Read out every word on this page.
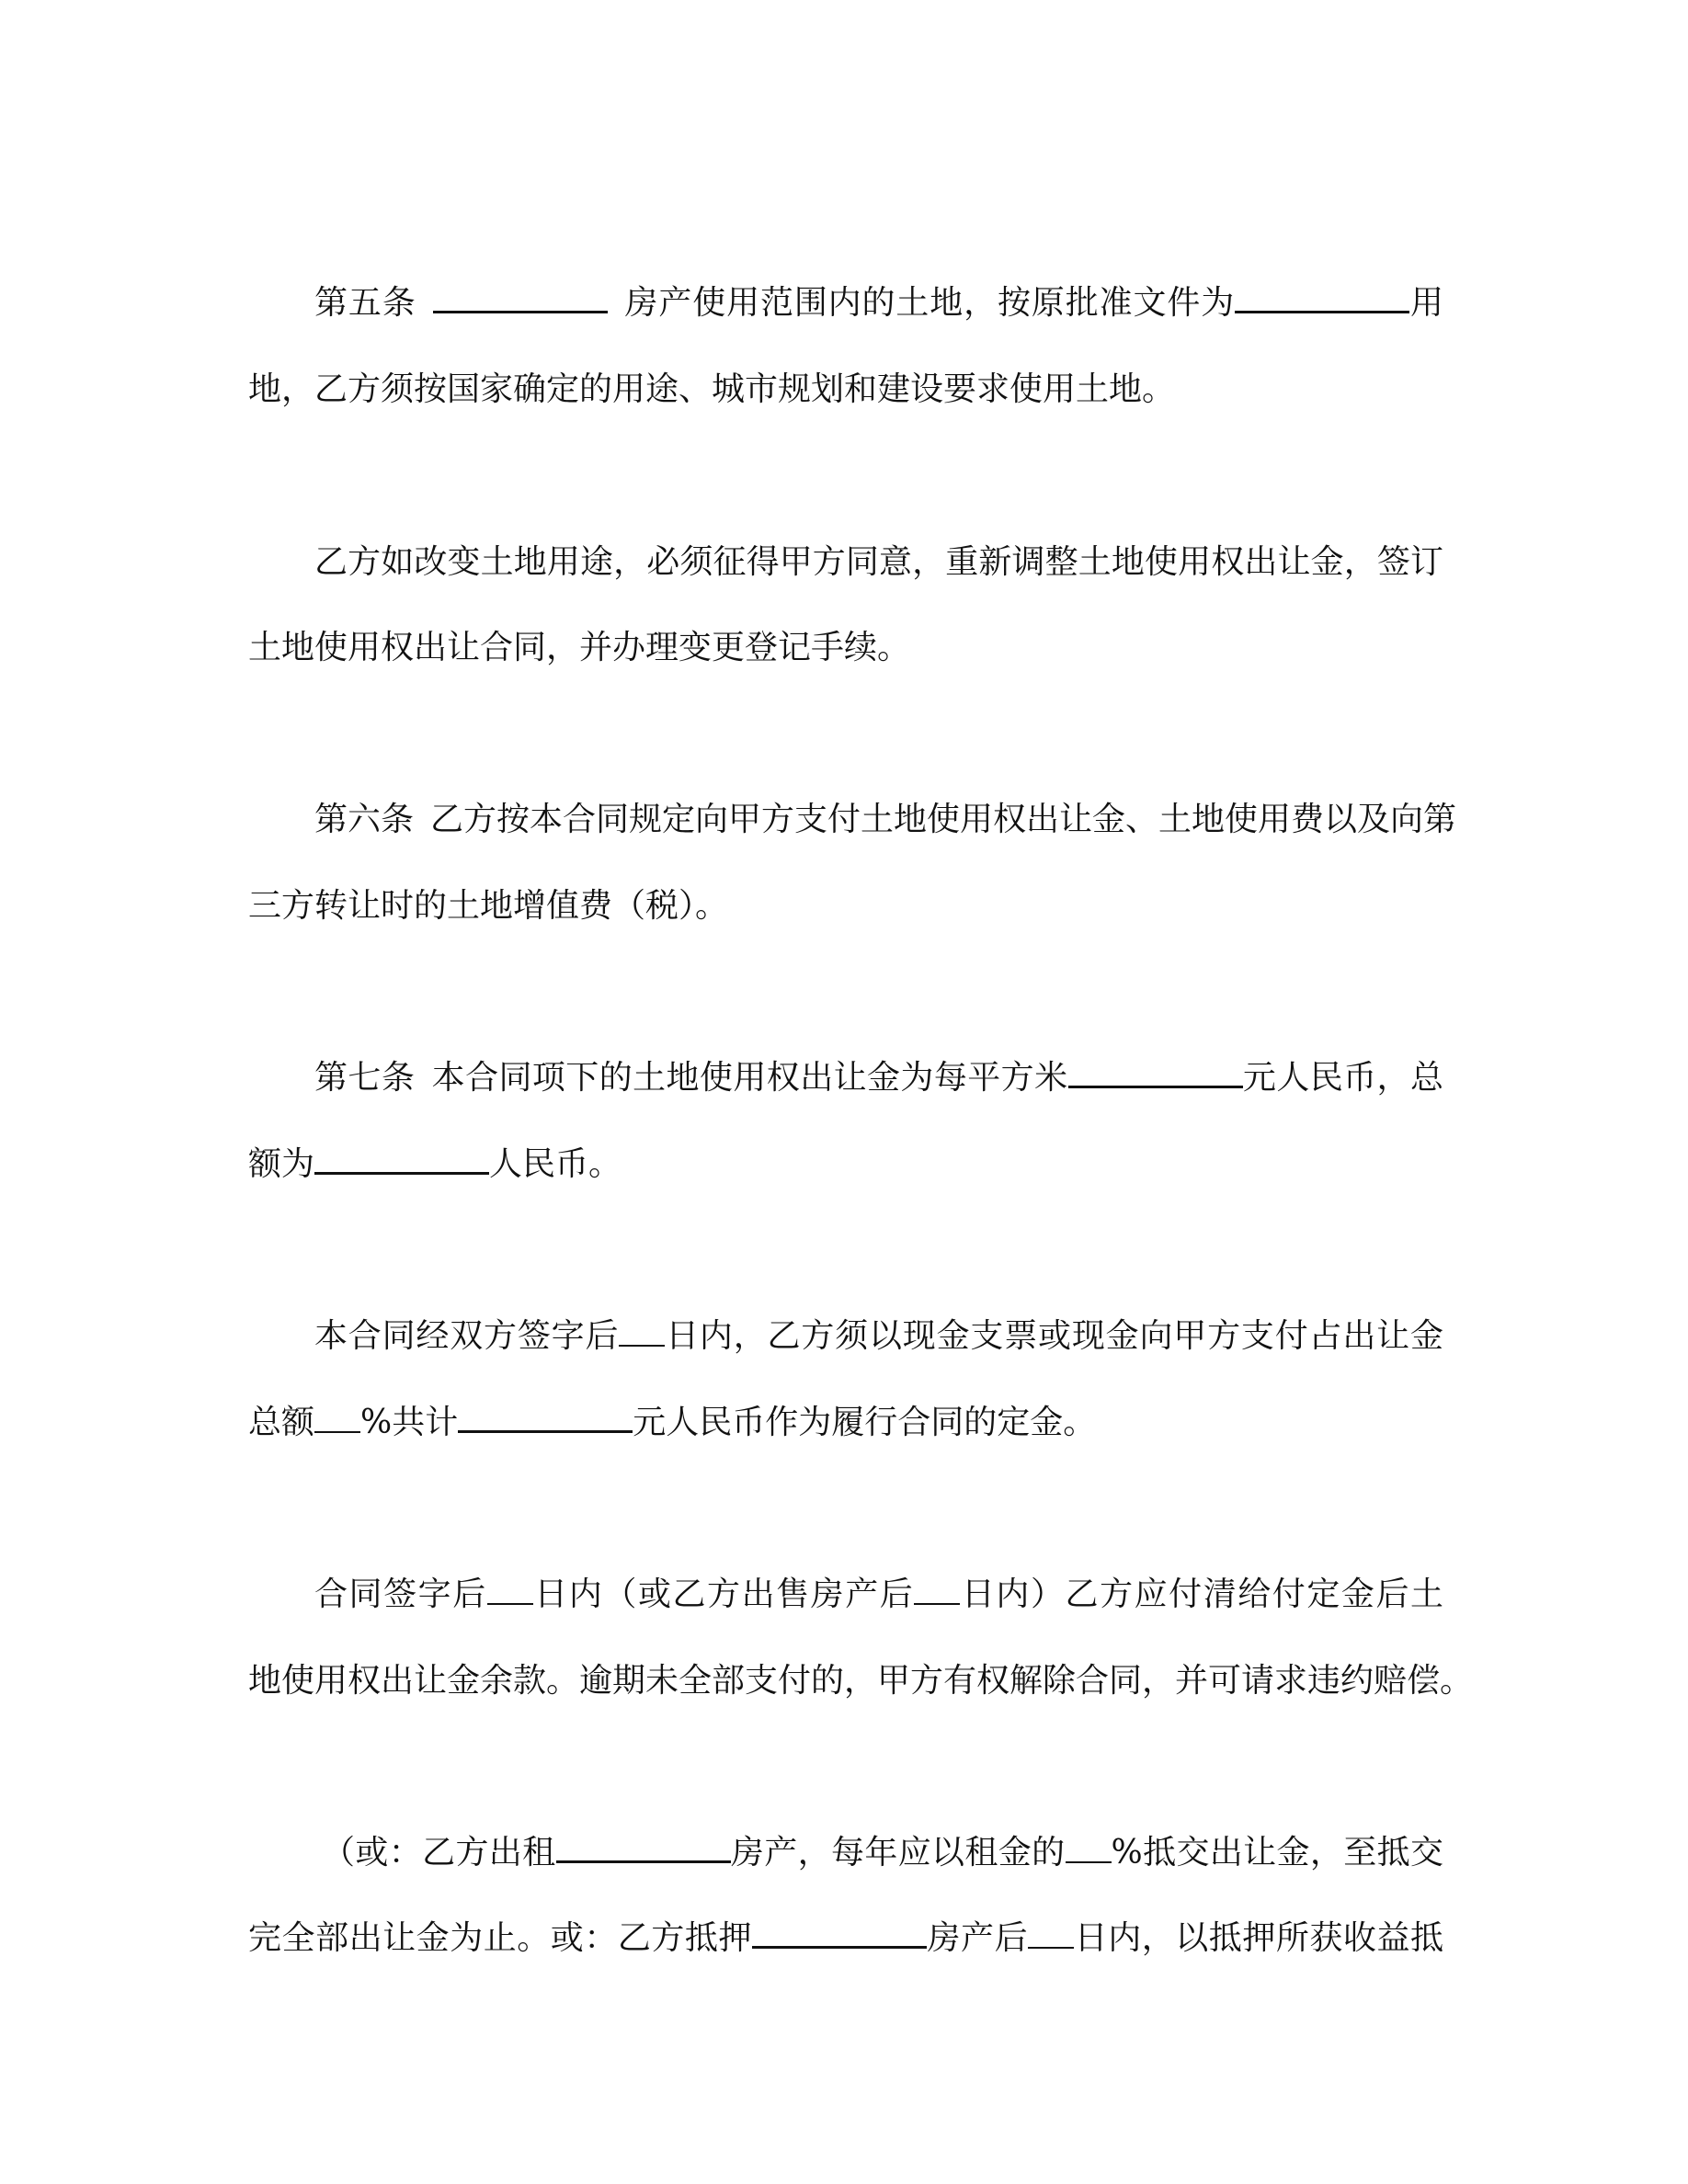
第五条	房产使用范围内的土地，按原批准文件为	用
地，乙方须按国家确定的用途、城市规划和建设要求使用土地。
乙方如改变土地用途，必须征得甲方同意，重新调整土地使用权出让金，签订
土地使用权出让合同，并办理变更登记手续。
第六条 乙方按本合同规定向甲方支付土地使用权出让金、土地使用费以及向第
三方转让时的土地增值费（税）。
第七条 本合同项下的土地使用权出让金为每平方米	元人民币，总
额为	人民币。
本合同经双方签字后 日内，乙方须以现金支票或现金向甲方支付占出让金
总额 %共计	元人民币作为履行合同的定金。
合同签字后 日内（或乙方出售房产后 日内）乙方应付清给付定金后土
地使用权出让金余款。逾期未全部支付的，甲方有权解除合同，并可请求违约赔偿。
（或：乙方出租	房产，每年应以租金的 %抵交出让金，至抵交
完全部出让金为止。或：乙方抵押	房产后 日内，以抵押所获收益抵
